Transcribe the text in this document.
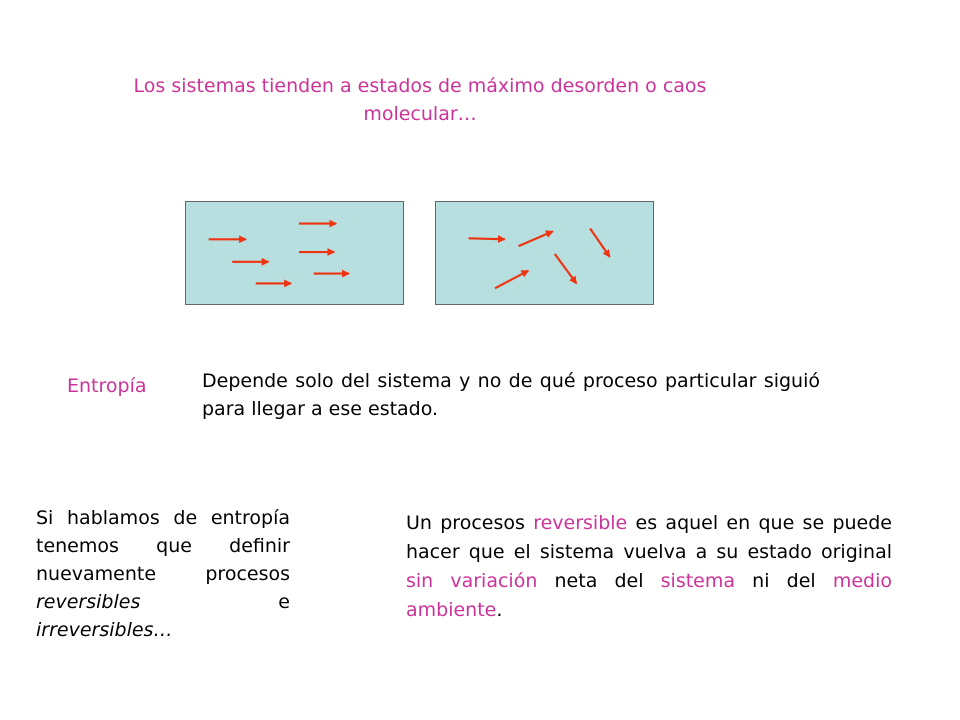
Los sistemas tienden a estados de máximo desorden o caos
molecular…
Entropía	Depende solo del sistema y no de qué proceso particular siguió para llegar a ese estado.
Si hablamos de entropía tenemos que definir nuevamente procesos reversibles e irreversibles…
Un procesos reversible es aquel en que se puede hacer que el sistema vuelva a su estado original sin variación neta del sistema ni del medio ambiente.
